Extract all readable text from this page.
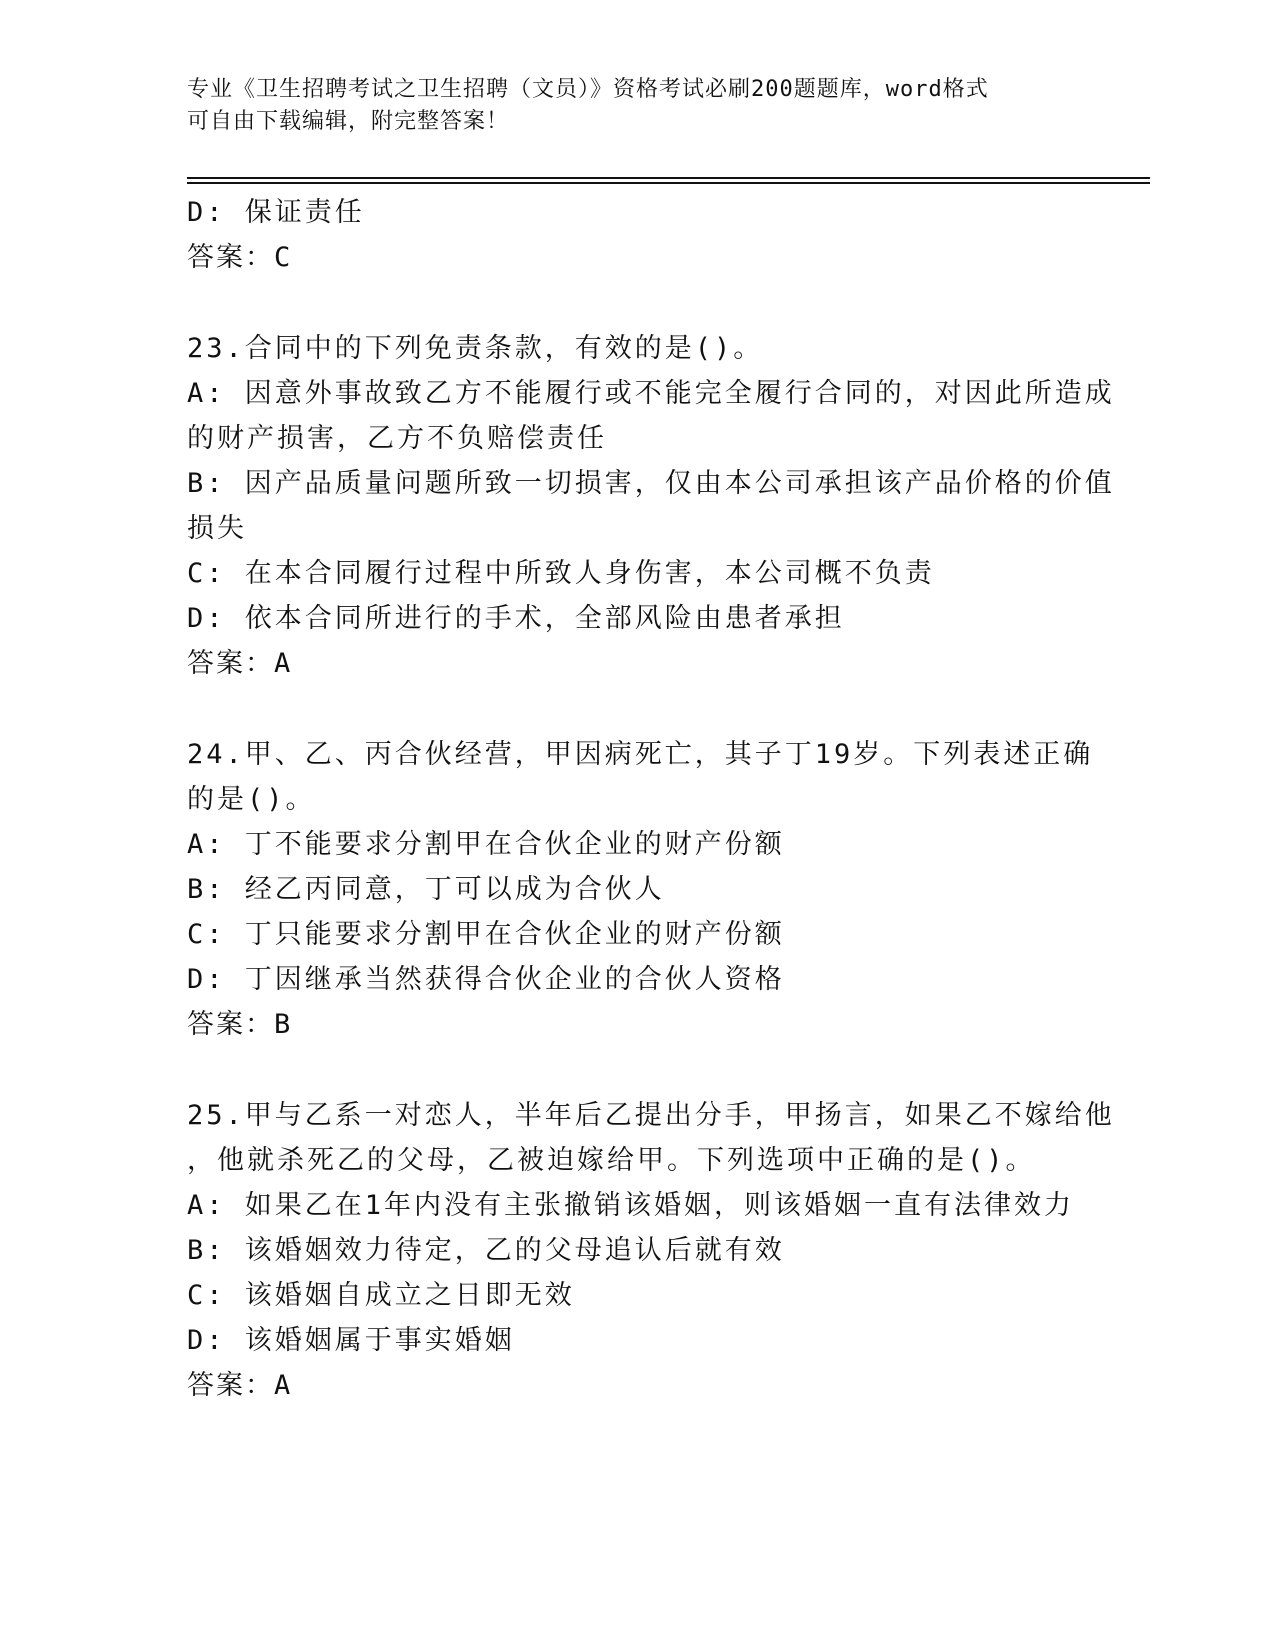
专业《卫生招聘考试之卫生招聘（文员）》资格考试必刷200题题库，word格式
可自由下载编辑，附完整答案！
D: 保证责任
答案：C
23.合同中的下列免责条款，有效的是()。
A: 因意外事故致乙方不能履行或不能完全履行合同的，对因此所造成
的财产损害，乙方不负赔偿责任
B: 因产品质量问题所致一切损害，仅由本公司承担该产品价格的价值
损失
C: 在本合同履行过程中所致人身伤害，本公司概不负责
D: 依本合同所进行的手术，全部风险由患者承担
答案：A
24.甲、乙、丙合伙经营，甲因病死亡，其子丁19岁。下列表述正确
的是()。
A: 丁不能要求分割甲在合伙企业的财产份额
B: 经乙丙同意，丁可以成为合伙人
C: 丁只能要求分割甲在合伙企业的财产份额
D: 丁因继承当然获得合伙企业的合伙人资格
答案：B
25.甲与乙系一对恋人，半年后乙提出分手，甲扬言，如果乙不嫁给他
，他就杀死乙的父母，乙被迫嫁给甲。下列选项中正确的是()。
A: 如果乙在1年内没有主张撤销该婚姻，则该婚姻一直有法律效力
B: 该婚姻效力待定，乙的父母追认后就有效
C: 该婚姻自成立之日即无效
D: 该婚姻属于事实婚姻
答案：A
